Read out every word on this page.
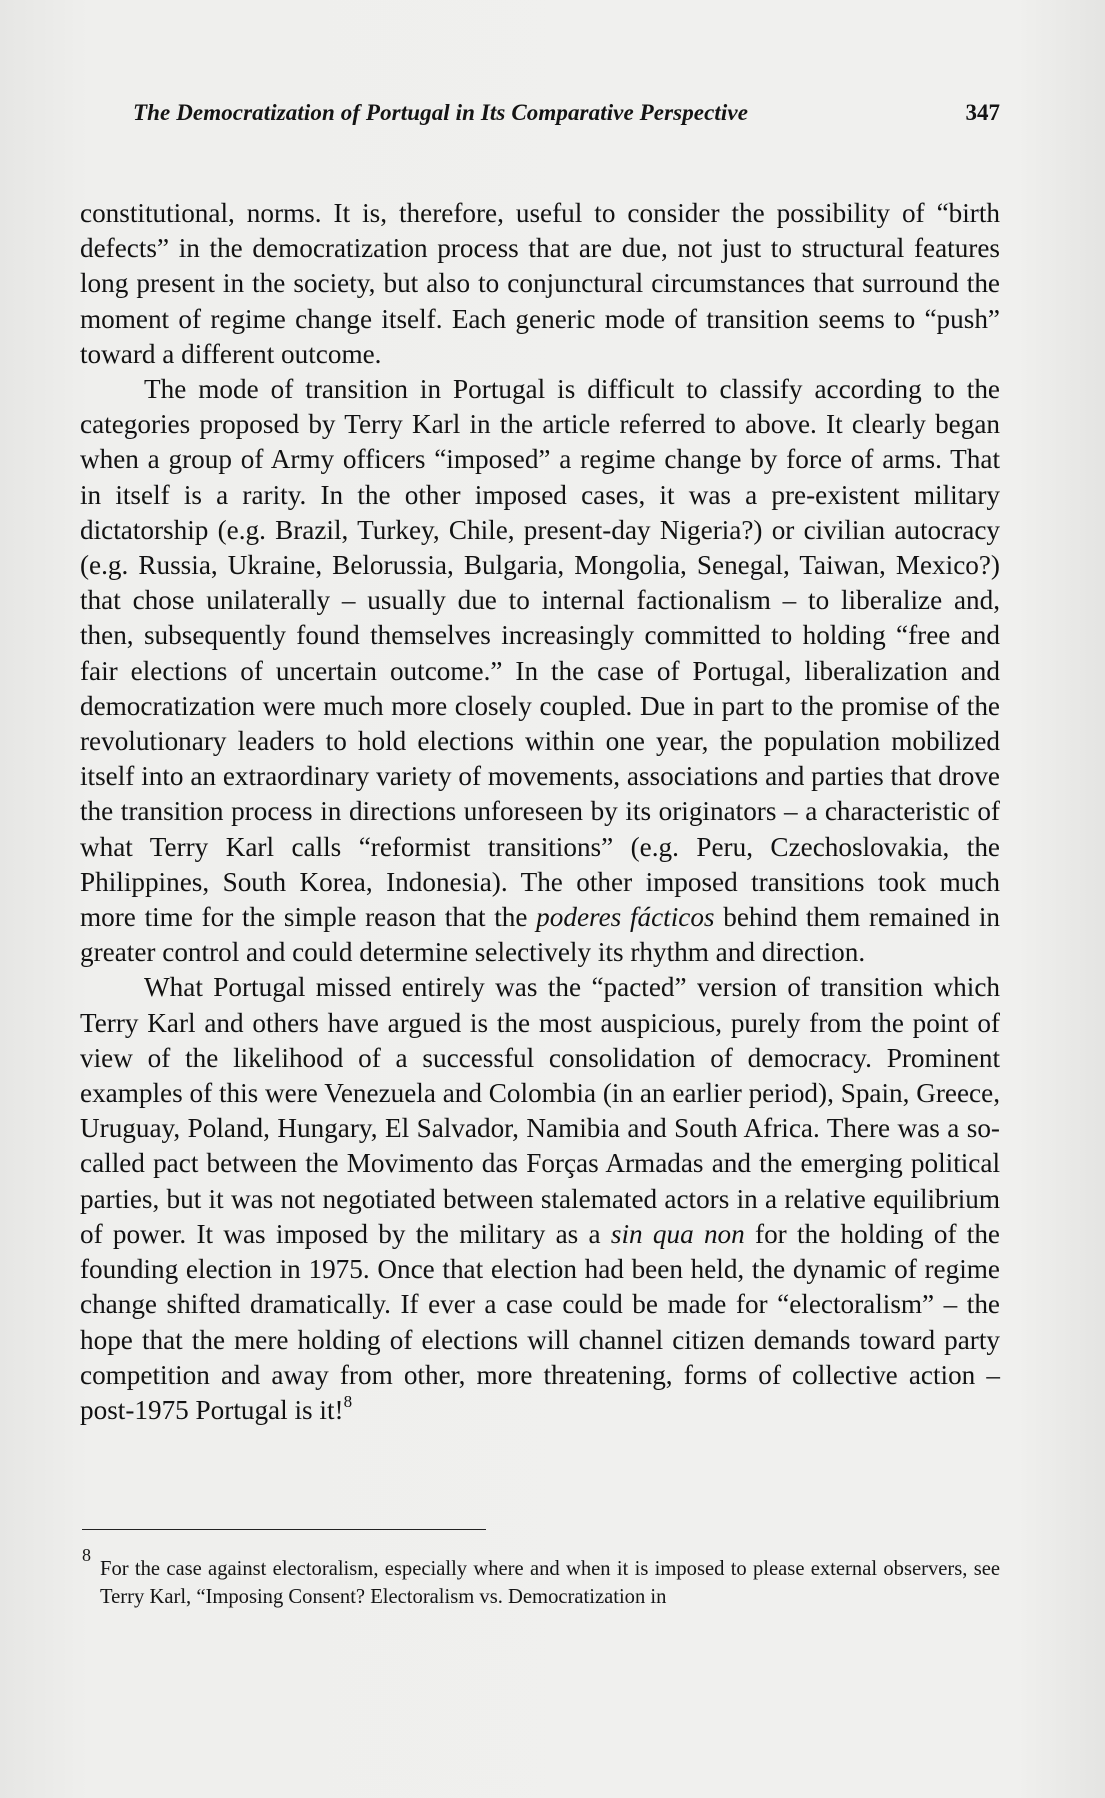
The Democratization of Portugal in Its Comparative Perspective	347

constitutional, norms. It is, therefore, useful to consider the possibility of “birth defects” in the democratization process that are due, not just to structural features long present in the society, but also to conjunctural circumstances that surround the moment of regime change itself. Each generic mode of transition seems to “push” toward a different outcome.

The mode of transition in Portugal is difficult to classify according to the categories proposed by Terry Karl in the article referred to above. It clearly began when a group of Army officers “imposed” a regime change by force of arms. That in itself is a rarity. In the other imposed cases, it was a pre-existent military dictatorship (e.g. Brazil, Turkey, Chile, present-day Nigeria?) or civilian autocracy (e.g. Russia, Ukraine, Belorussia, Bulgaria, Mongolia, Senegal, Taiwan, Mexico?) that chose unilaterally – usually due to internal factionalism – to liberalize and, then, subsequently found themselves increasingly committed to holding “free and fair elections of uncertain outcome.” In the case of Portugal, liberalization and democratization were much more closely coupled. Due in part to the promise of the revolutionary leaders to hold elections within one year, the population mobilized itself into an extraordinary variety of movements, associations and parties that drove the transition process in directions unforeseen by its originators – a characteristic of what Terry Karl calls “reformist transitions” (e.g. Peru, Czechoslovakia, the Philippines, South Korea, Indonesia). The other imposed transitions took much more time for the simple reason that the poderes fácticos behind them remained in greater control and could determine selectively its rhythm and direction.

What Portugal missed entirely was the “pacted” version of transition which Terry Karl and others have argued is the most auspicious, purely from the point of view of the likelihood of a successful consolidation of democracy. Prominent examples of this were Venezuela and Colombia (in an earlier period), Spain, Greece, Uruguay, Poland, Hungary, El Salvador, Namibia and South Africa. There was a so-called pact between the Movimento das Forças Armadas and the emerging political parties, but it was not negotiated between stalemated actors in a relative equilibrium of power. It was imposed by the military as a sin qua non for the holding of the founding election in 1975. Once that election had been held, the dynamic of regime change shifted dramatically. If ever a case could be made for “electoralism” – the hope that the mere holding of elections will channel citizen demands toward party competition and away from other, more threatening, forms of collective action – post-1975 Portugal is it!$^8$

8
For the case against electoralism, especially where and when it is imposed to please external observers, see Terry Karl, “Imposing Consent? Electoralism vs. Democratization in
